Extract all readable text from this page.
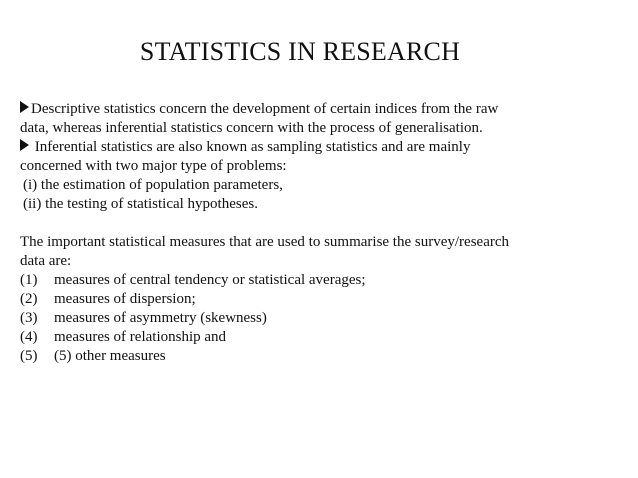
STATISTICS IN RESEARCH
Descriptive statistics concern the development of certain indices from the raw
data, whereas inferential statistics concern with the process of generalisation.
Inferential statistics are also known as sampling statistics and are mainly
concerned with two major type of problems:
(i) the estimation of population parameters,
(ii) the testing of statistical hypotheses.
The important statistical measures that are used to summarise the survey/research
data are:
(1) measures of central tendency or statistical averages;
(2) measures of dispersion;
(3) measures of asymmetry (skewness)
(4) measures of relationship and
(5) (5) other measures
